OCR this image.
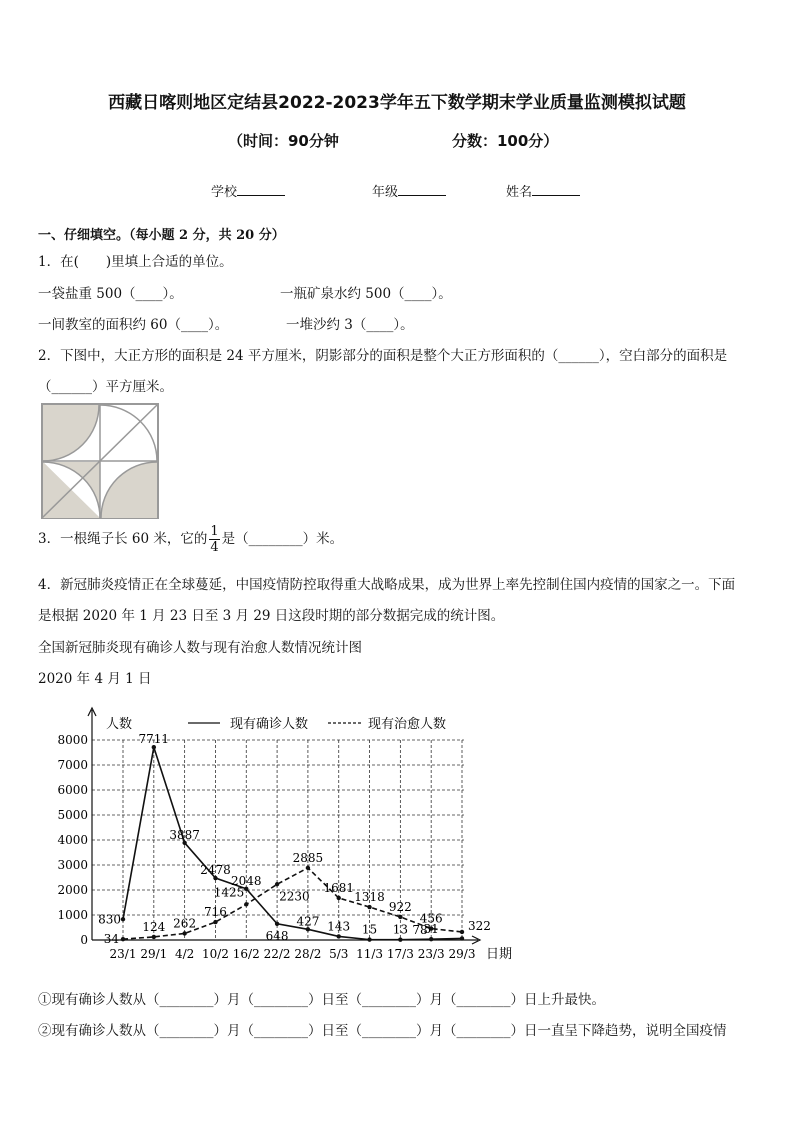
西藏日喀则地区定结县2022-2023学年五下数学期末学业质量监测模拟试题
（时间：90分钟	分数：100分）
学校	年级	姓名
一、仔细填空。（每小题 2 分，共 20 分）
1．在(　　)里填上合适的单位。
一袋盐重 500（____）。	一瓶矿泉水约 500（____）。
一间教室的面积约 60（____）。	一堆沙约 3（____）。
2．下图中，大正方形的面积是 24 平方厘米，阴影部分的面积是整个大正方形面积的（______），空白部分的面积是
（______）平方厘米。
3．一根绳子长 60 米，它的 $\frac{1}{4}$ 是（________）米。
4．新冠肺炎疫情正在全球蔓延，中国疫情防控取得重大战略成果，成为世界上率先控制住国内疫情的国家之一。下面
是根据 2020 年 1 月 23 日至 3 月 29 日这段时期的部分数据完成的统计图。
全国新冠肺炎现有确诊人数与现有治愈人数情况统计图
2020 年 4 月 1 日
0
1000
2000
3000
4000
5000
6000
7000
8000
23/1 29/1 4/2 10/2 16/2 22/2 28/2 5/3 11/3 17/3 23/3 29/3
人数
日期
现有确诊人数	现有治愈人数
830
7711
3887
2478
2048
648
427 143 15 13 31
34
124 262
716
1425	2230
2885
1681
1318
922
456
322
78
①现有确诊人数从（________）月（________）日至（________）月（________）日上升最快。
②现有确诊人数从（________）月（________）日至（________）月（________）日一直呈下降趋势，说明全国疫情
